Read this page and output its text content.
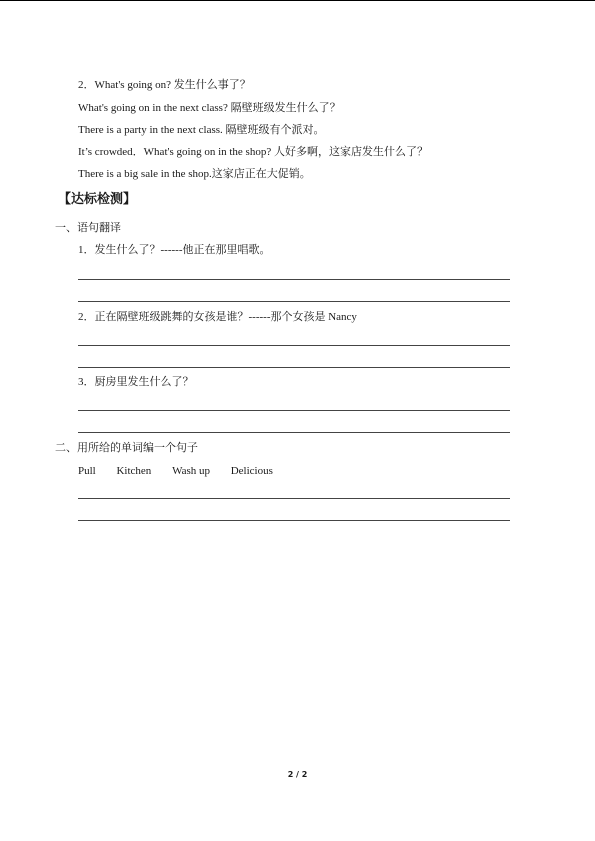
2．What's going on? 发生什么事了？
What's going on in the next class? 隔壁班级发生什么了？
There is a party in the next class. 隔壁班级有个派对。
It’s crowded．What's going on in the shop? 人好多啊，这家店发生什么了？
There is a big sale in the shop.这家店正在大促销。
【达标检测】
一、语句翻译
1．发生什么了？------他正在那里唱歌。
2．正在隔壁班级跳舞的女孩是谁？------那个女孩是 Nancy
3．厨房里发生什么了？
二、用所给的单词编一个句子
Pull Kitchen Wash up Delicious
2 / 2
